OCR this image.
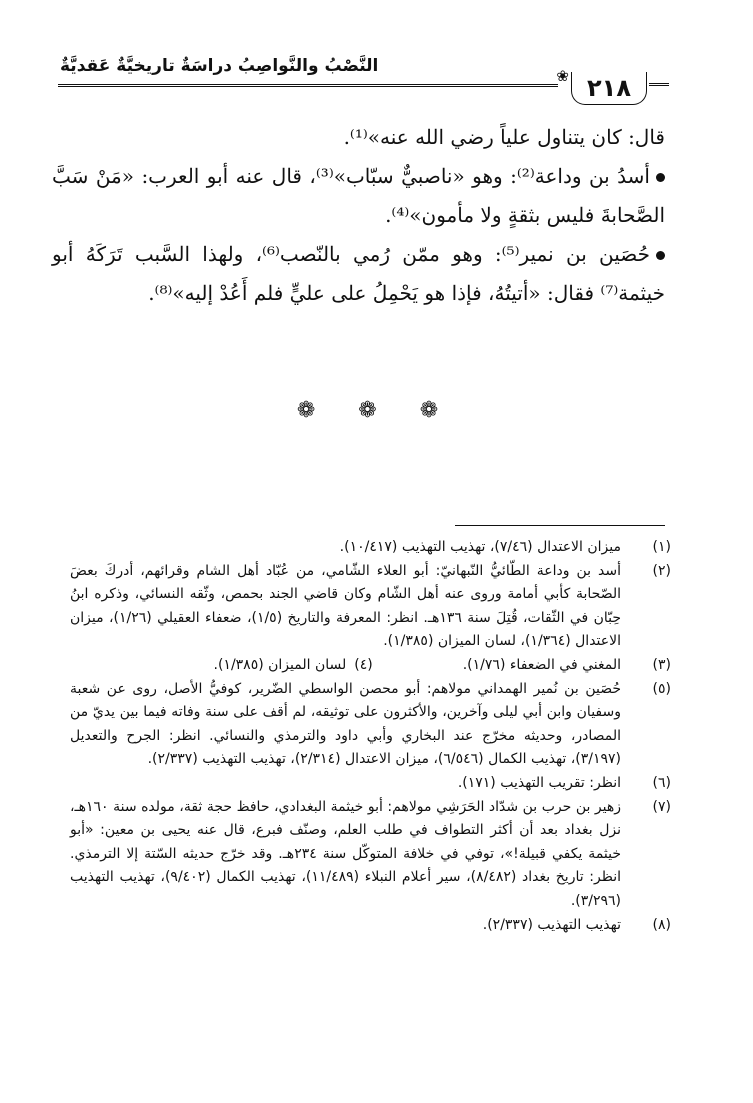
النَّصْبُ والنَّواصِبُ دراسَةٌ تاريخيَّةٌ عَقديَّةٌ	❀ ٢١٨

قال: كان يتناول علياً رضي الله عنه»⁽¹⁾.

أسدُ بن وداعة⁽²⁾: وهو «ناصبيٌّ سبّاب»⁽³⁾، قال عنه أبو العرب: «مَنْ سَبَّ الصَّحابةَ فليس بثقةٍ ولا مأمون»⁽⁴⁾.

حُصَين بن نمير⁽⁵⁾: وهو ممّن رُمي بالنّصب⁽⁶⁾، ولهذا السَّبب تَرَكَهُ أبو خيثمة⁽⁷⁾ فقال: «أتيتُهُ، فإذا هو يَحْمِلُ على عليٍّ فلم أَعُدْ إليه»⁽⁸⁾.

❁ ❁ ❁
(١)
ميزان الاعتدال (٧/٤٦)، تهذيب التهذيب (١٠/٤١٧).
(٢)
أسد بن وداعة الطّائيُّ النّبهانيّ: أبو العلاء الشّامي، من عُبّاد أهل الشام وقرائهم، أدركَ بعضَ الصّحابة كأبي أمامة وروى عنه أهل الشّام وكان قاضي الجند بحمص، وثّقه النسائي، وذكره ابنُ حِبّان في الثّقات، قُتِلَ سنة ١٣٦هـ. انظر: المعرفة والتاريخ (١/٥)، ضعفاء العقيلي (١/٢٦)، ميزان الاعتدال (١/٣٦٤)، لسان الميزان (١/٣٨٥).
(٣)
المغني في الضعفاء (١/٧٦).
(٤)
لسان الميزان (١/٣٨٥).
(٥)
حُصَين بن نُمير الهمداني مولاهم: أبو محصن الواسطي الضّرير، كوفيُّ الأصل، روى عن شعبة وسفيان وابن أبي ليلى وآخرين، والأكثرون على توثيقه، لم أقف على سنة وفاته فيما بين يديّ من المصادر، وحديثه مخرّج عند البخاري وأبي داود والترمذي والنسائي. انظر: الجرح والتعديل (٣/١٩٧)، تهذيب الكمال (٦/٥٤٦)، ميزان الاعتدال (٢/٣١٤)، تهذيب التهذيب (٢/٣٣٧).
(٦)
انظر: تقريب التهذيب (١٧١).
(٧)
زهير بن حرب بن شدّاد الحَرَشِي مولاهم: أبو خيثمة البغدادي، حافظ حجة ثقة، مولده سنة ١٦٠هـ، نزل بغداد بعد أن أكثر التطواف في طلب العلم، وصنّف فبرع، قال عنه يحيى بن معين: «أبو خيثمة يكفي قبيلة!»، توفي في خلافة المتوكّل سنة ٢٣٤هـ. وقد خرّج حديثه السّتة إلا الترمذي. انظر: تاريخ بغداد (٨/٤٨٢)، سير أعلام النبلاء (١١/٤٨٩)، تهذيب الكمال (٩/٤٠٢)، تهذيب التهذيب (٣/٢٩٦).
(٨)
تهذيب التهذيب (٢/٣٣٧).
